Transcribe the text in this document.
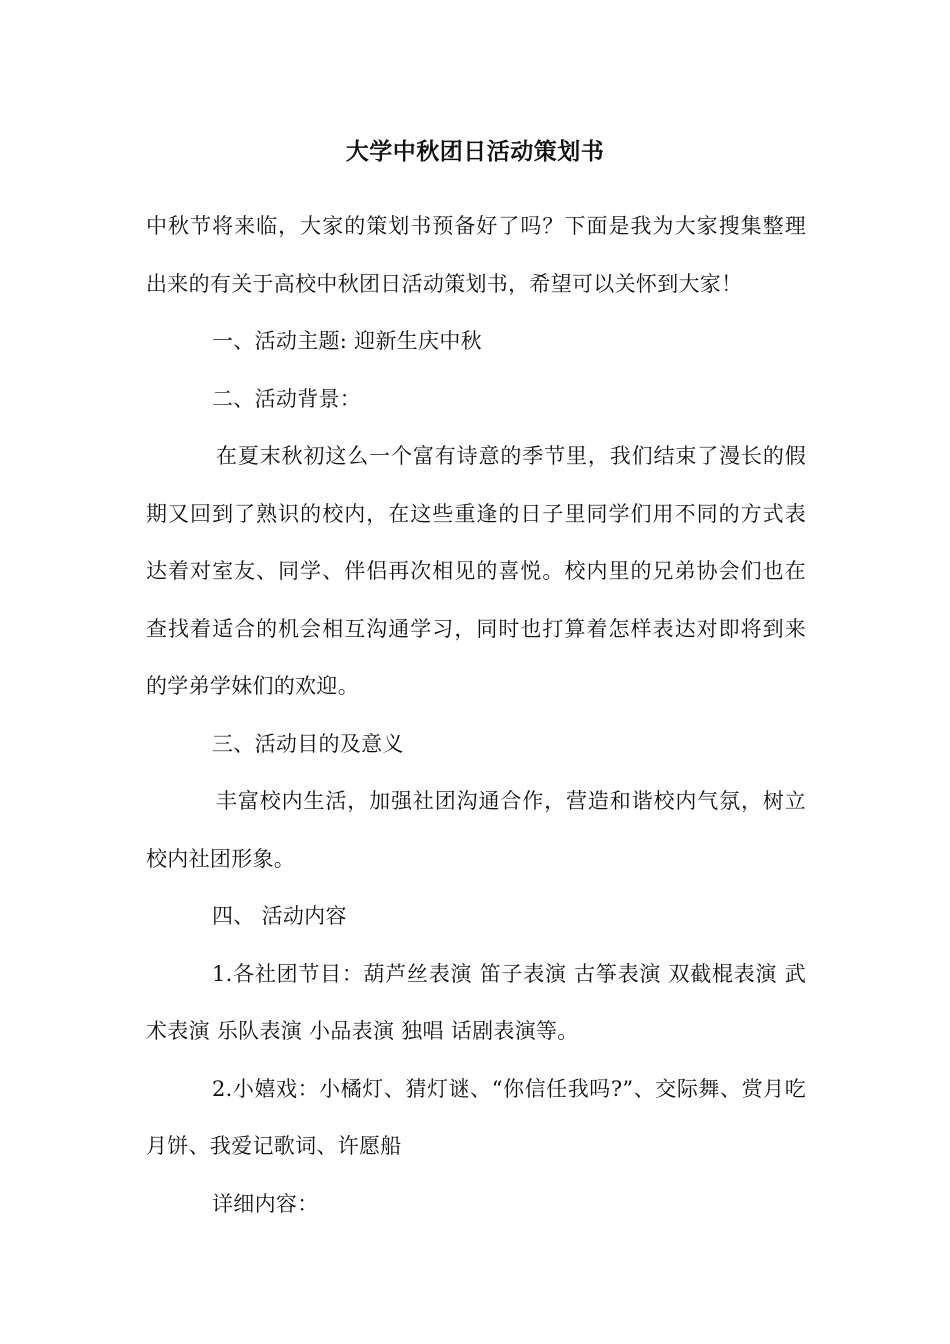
大学中秋团日活动策划书

中秋节将来临，大家的策划书预备好了吗？下面是我为大家搜集整理出来的有关于高校中秋团日活动策划书，希望可以关怀到大家！

一、活动主题: 迎新生庆中秋

二、活动背景：

在夏末秋初这么一个富有诗意的季节里，我们结束了漫长的假期又回到了熟识的校内，在这些重逢的日子里同学们用不同的方式表达着对室友、同学、伴侣再次相见的喜悦。校内里的兄弟协会们也在查找着适合的机会相互沟通学习，同时也打算着怎样表达对即将到来的学弟学妹们的欢迎。

三、活动目的及意义

丰富校内生活，加强社团沟通合作，营造和谐校内气氛，树立校内社团形象。

四、 活动内容

1.各社团节目：葫芦丝表演 笛子表演 古筝表演 双截棍表演 武术表演 乐队表演 小品表演 独唱 话剧表演等。

2.小嬉戏：小橘灯、猜灯谜、“你信任我吗?”、交际舞、赏月吃月饼、我爱记歌词、许愿船

详细内容：
